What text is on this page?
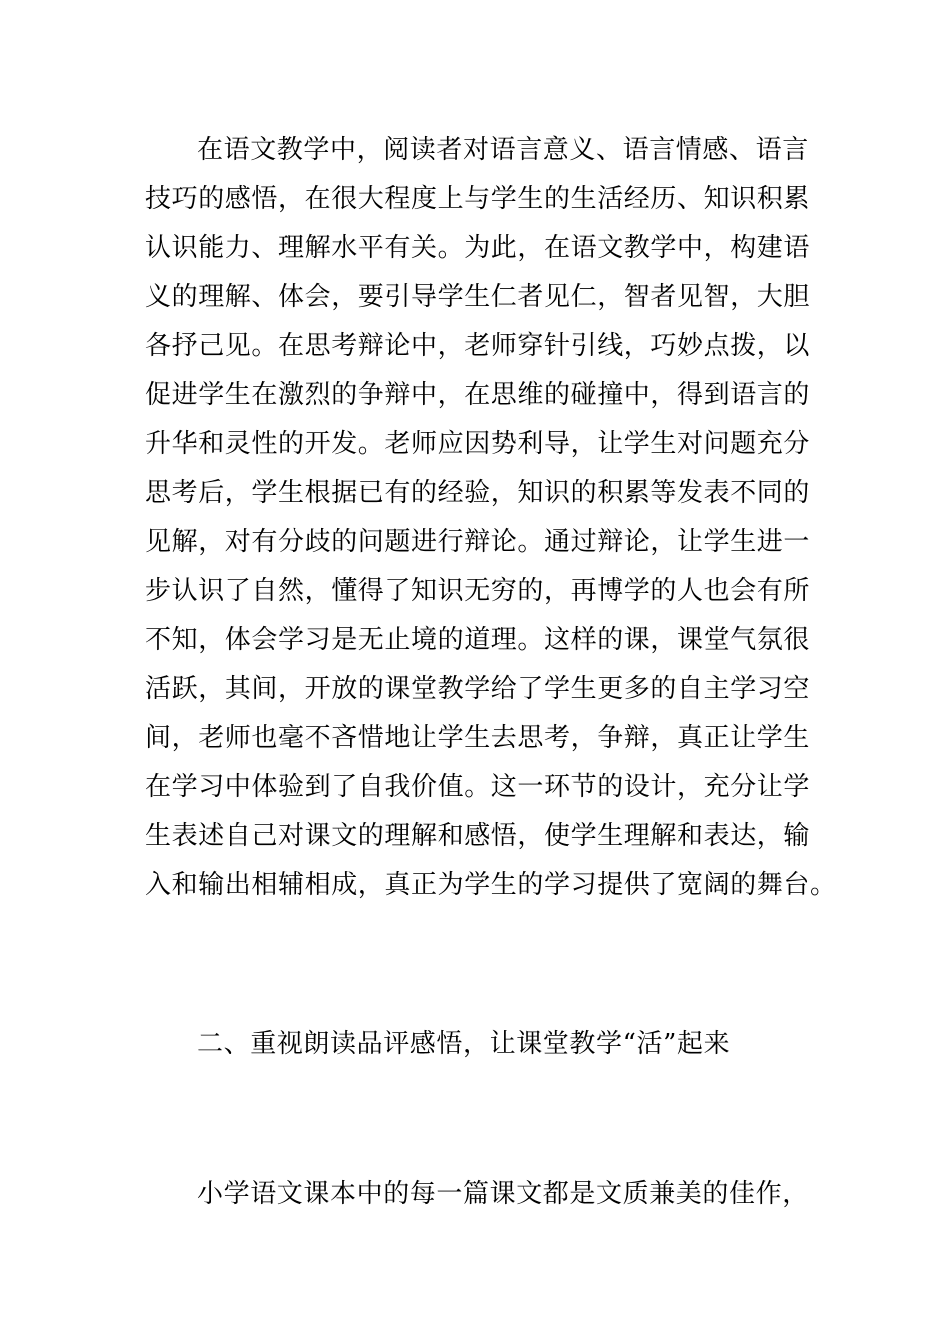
在语文教学中，阅读者对语言意义、语言情感、语言
技巧的感悟，在很大程度上与学生的生活经历、知识积累
认识能力、理解水平有关。为此，在语文教学中，构建语
义的理解、体会，要引导学生仁者见仁，智者见智，大胆
各抒己见。在思考辩论中，老师穿针引线，巧妙点拨，以
促进学生在激烈的争辩中，在思维的碰撞中，得到语言的
升华和灵性的开发。老师应因势利导，让学生对问题充分
思考后，学生根据已有的经验，知识的积累等发表不同的
见解，对有分歧的问题进行辩论。通过辩论，让学生进一
步认识了自然，懂得了知识无穷的，再博学的人也会有所
不知，体会学习是无止境的道理。这样的课，课堂气氛很
活跃，其间，开放的课堂教学给了学生更多的自主学习空
间，老师也毫不吝惜地让学生去思考，争辩，真正让学生
在学习中体验到了自我价值。这一环节的设计，充分让学
生表述自己对课文的理解和感悟，使学生理解和表达，输
入和输出相辅相成，真正为学生的学习提供了宽阔的舞台。
二、重视朗读品评感悟，让课堂教学“活”起来
小学语文课本中的每一篇课文都是文质兼美的佳作，
